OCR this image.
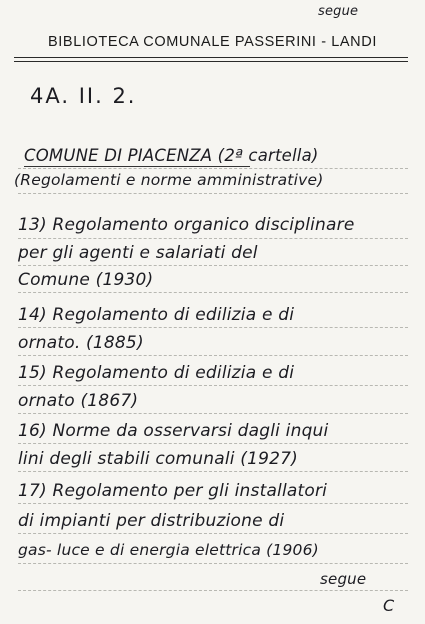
segue
BIBLIOTECA COMUNALE PASSERINI - LANDI
4A. II. 2.
COMUNE DI PIACENZA (2ª cartella)
(Regolamenti e norme amministrative)
13) Regolamento organico disciplinare
per gli agenti e salariati del
Comune (1930)
14) Regolamento di edilizia e di
ornato. (1885)
15) Regolamento di edilizia e di
ornato (1867)
16) Norme da osservarsi dagli inqui
lini degli stabili comunali (1927)
17) Regolamento per gli installatori
di impianti per distribuzione di
gas- luce e di energia elettrica (1906)
segue
C
